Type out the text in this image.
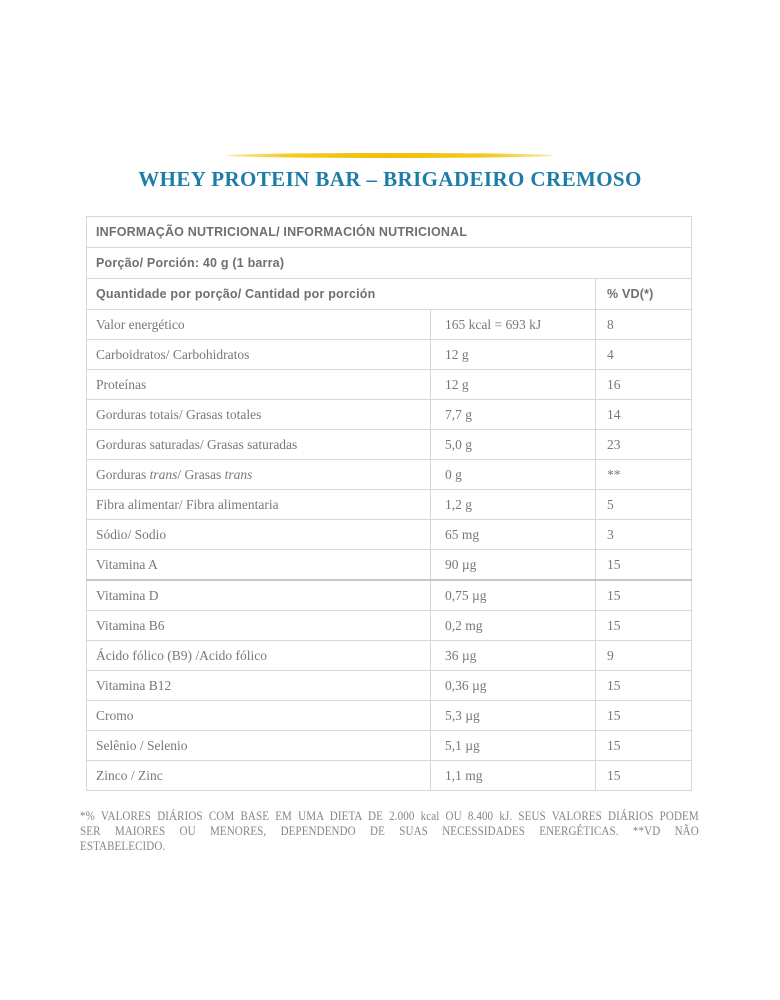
WHEY PROTEIN BAR – BRIGADEIRO CREMOSO
INFORMAÇÃO NUTRICIONAL/ INFORMACIÓN NUTRICIONAL		
Porção/ Porción: 40 g (1 barra)		
Quantidade por porção/ Cantidad por porción		% VD(*)
Valor energético	165 kcal = 693 kJ	8
Carboidratos/ Carbohidratos	12 g	4
Proteínas	12 g	16
Gorduras totais/ Grasas totales	7,7 g	14
Gorduras saturadas/ Grasas saturadas	5,0 g	23
Gorduras trans/ Grasas trans	0 g	**
Fibra alimentar/ Fibra alimentaria	1,2 g	5
Sódio/ Sodio	65 mg	3
Vitamina A	90 µg	15
Vitamina D	0,75 µg	15
Vitamina B6	0,2 mg	15
Ácido fólico (B9) /Acido fólico	36 µg	9
Vitamina B12	0,36 µg	15
Cromo	5,3 µg	15
Selênio / Selenio	5,1 µg	15
Zinco / Zinc	1,1 mg	15
*% VALORES DIÁRIOS COM BASE EM UMA DIETA DE 2.000 kcal OU 8.400 kJ. SEUS VALORES DIÁRIOS PODEM
SER MAIORES OU MENORES, DEPENDENDO DE SUAS NECESSIDADES ENERGÉTICAS. **VD NÃO
ESTABELECIDO.
